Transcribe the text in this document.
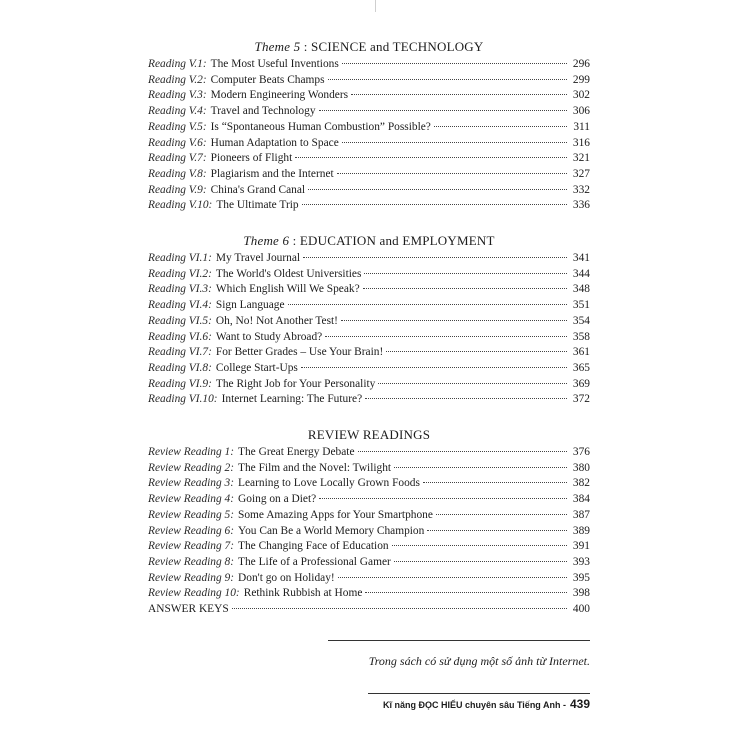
Theme 5 : SCIENCE and TECHNOLOGY
Reading V.1: The Most Useful Inventions	296
Reading V.2: Computer Beats Champs	299
Reading V.3: Modern Engineering Wonders	302
Reading V.4: Travel and Technology	306
Reading V.5: Is “Spontaneous Human Combustion” Possible?	311
Reading V.6: Human Adaptation to Space	316
Reading V.7: Pioneers of Flight	321
Reading V.8: Plagiarism and the Internet	327
Reading V.9: China's Grand Canal	332
Reading V.10: The Ultimate Trip	336
Theme 6 : EDUCATION and EMPLOYMENT
Reading VI.1: My Travel Journal	341
Reading VI.2: The World's Oldest Universities	344
Reading VI.3: Which English Will We Speak?	348
Reading VI.4: Sign Language	351
Reading VI.5: Oh, No! Not Another Test!	354
Reading VI.6: Want to Study Abroad?	358
Reading VI.7: For Better Grades – Use Your Brain!	361
Reading VI.8: College Start-Ups	365
Reading VI.9: The Right Job for Your Personality	369
Reading VI.10: Internet Learning: The Future?	372
REVIEW READINGS
Review Reading 1: The Great Energy Debate	376
Review Reading 2: The Film and the Novel: Twilight	380
Review Reading 3: Learning to Love Locally Grown Foods	382
Review Reading 4: Going on a Diet?	384
Review Reading 5: Some Amazing Apps for Your Smartphone	387
Review Reading 6: You Can Be a World Memory Champion	389
Review Reading 7: The Changing Face of Education	391
Review Reading 8: The Life of a Professional Gamer	393
Review Reading 9: Don't go on Holiday!	395
Review Reading 10: Rethink Rubbish at Home	398
ANSWER KEYS	400
Trong sách có sử dụng một số ảnh từ Internet.
Kĩ năng ĐỌC HIỂU chuyên sâu Tiếng Anh - 439
